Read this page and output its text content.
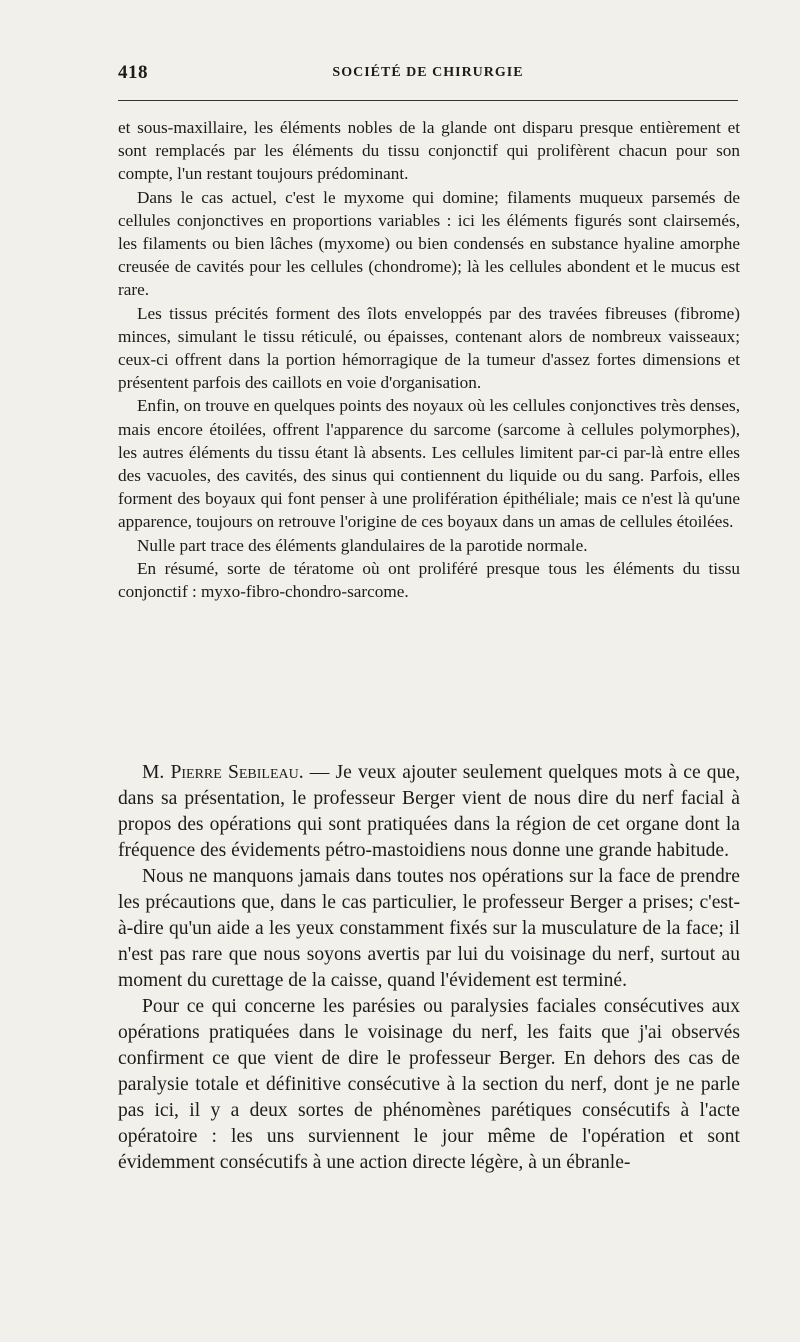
418	SOCIÉTÉ DE CHIRURGIE

et sous-maxillaire, les éléments nobles de la glande ont disparu presque entièrement et sont remplacés par les éléments du tissu conjonctif qui prolifèrent chacun pour son compte, l'un restant toujours prédominant.

Dans le cas actuel, c'est le myxome qui domine; filaments muqueux parsemés de cellules conjonctives en proportions variables : ici les éléments figurés sont clairsemés, les filaments ou bien lâches (myxome) ou bien condensés en substance hyaline amorphe creusée de cavités pour les cellules (chondrome); là les cellules abondent et le mucus est rare.

Les tissus précités forment des îlots enveloppés par des travées fibreuses (fibrome) minces, simulant le tissu réticulé, ou épaisses, contenant alors de nombreux vaisseaux; ceux-ci offrent dans la portion hémorragique de la tumeur d'assez fortes dimensions et présentent parfois des caillots en voie d'organisation.

Enfin, on trouve en quelques points des noyaux où les cellules conjonctives très denses, mais encore étoilées, offrent l'apparence du sarcome (sarcome à cellules polymorphes), les autres éléments du tissu étant là absents. Les cellules limitent par-ci par-là entre elles des vacuoles, des cavités, des sinus qui contiennent du liquide ou du sang. Parfois, elles forment des boyaux qui font penser à une prolifération épithéliale; mais ce n'est là qu'une apparence, toujours on retrouve l'origine de ces boyaux dans un amas de cellules étoilées.

Nulle part trace des éléments glandulaires de la parotide normale.

En résumé, sorte de tératome où ont proliféré presque tous les éléments du tissu conjonctif : myxo-fibro-chondro-sarcome.

M. Pierre Sebileau. — Je veux ajouter seulement quelques mots à ce que, dans sa présentation, le professeur Berger vient de nous dire du nerf facial à propos des opérations qui sont pratiquées dans la région de cet organe dont la fréquence des évidements pétro-mastoidiens nous donne une grande habitude.

Nous ne manquons jamais dans toutes nos opérations sur la face de prendre les précautions que, dans le cas particulier, le professeur Berger a prises; c'est-à-dire qu'un aide a les yeux constamment fixés sur la musculature de la face; il n'est pas rare que nous soyons avertis par lui du voisinage du nerf, surtout au moment du curettage de la caisse, quand l'évidement est terminé.

Pour ce qui concerne les parésies ou paralysies faciales consécutives aux opérations pratiquées dans le voisinage du nerf, les faits que j'ai observés confirment ce que vient de dire le professeur Berger. En dehors des cas de paralysie totale et définitive consécutive à la section du nerf, dont je ne parle pas ici, il y a deux sortes de phénomènes parétiques consécutifs à l'acte opératoire : les uns surviennent le jour même de l'opération et sont évidemment consécutifs à une action directe légère, à un ébranle-
